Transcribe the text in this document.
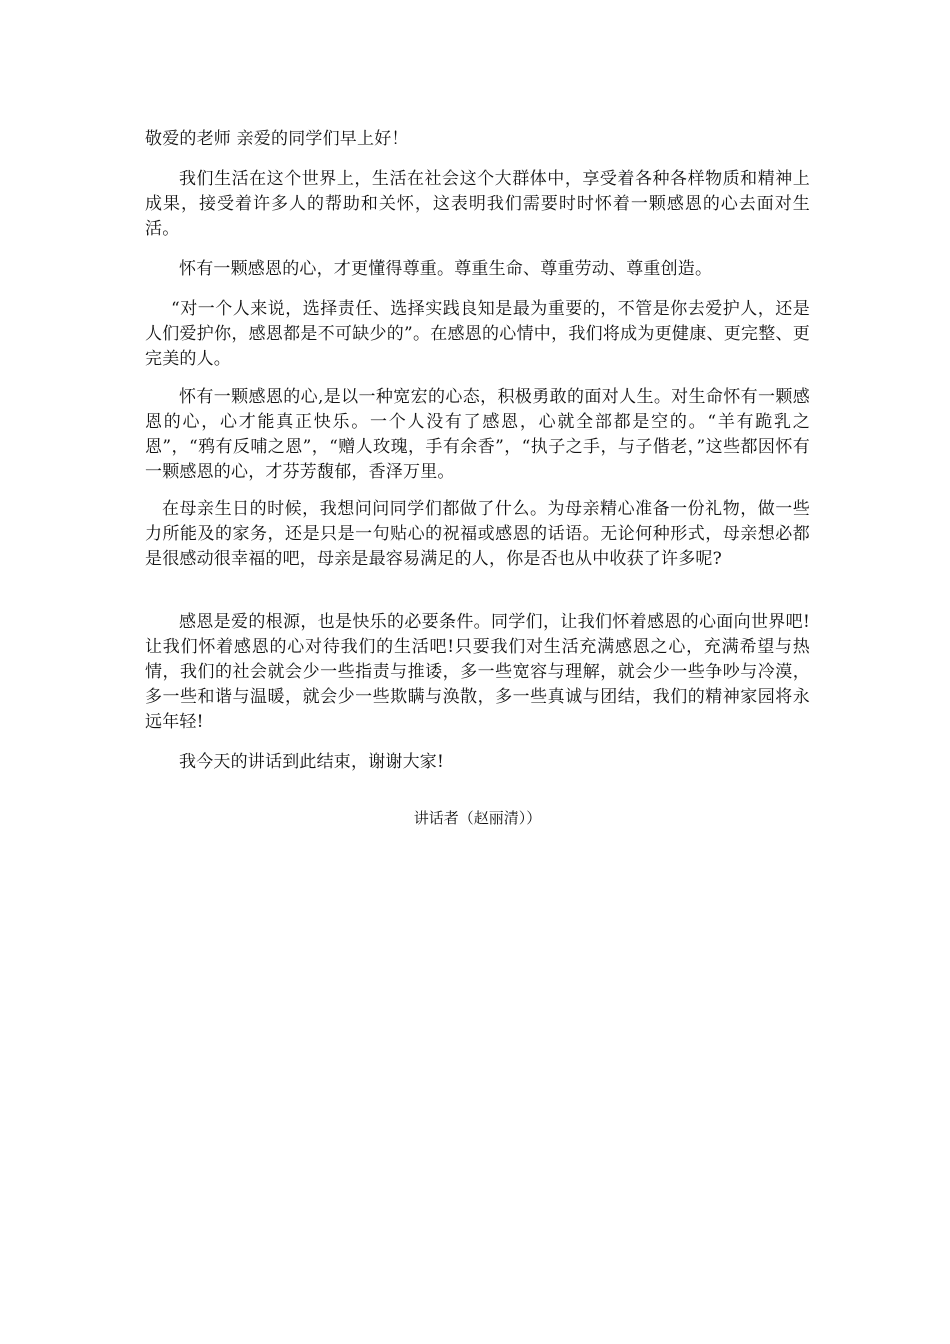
敬爱的老师 亲爱的同学们早上好！

我们生活在这个世界上，生活在社会这个大群体中，享受着各种各样物质和精神上成果，接受着许多人的帮助和关怀，这表明我们需要时时怀着一颗感恩的心去面对生活。

怀有一颗感恩的心，才更懂得尊重。尊重生命、尊重劳动、尊重创造。

“对一个人来说，选择责任、选择实践良知是最为重要的，不管是你去爱护人，还是人们爱护你，感恩都是不可缺少的”。在感恩的心情中，我们将成为更健康、更完整、更完美的人。

怀有一颗感恩的心,是以一种宽宏的心态，积极勇敢的面对人生。对生命怀有一颗感恩的心，心才能真正快乐。一个人没有了感恩，心就全部都是空的。“羊有跪乳之恩”，“鸦有反哺之恩”，“赠人玫瑰，手有余香”，“执子之手，与子偕老，”这些都因怀有一颗感恩的心，才芬芳馥郁，香泽万里。

在母亲生日的时候，我想问问同学们都做了什么。为母亲精心准备一份礼物，做一些力所能及的家务，还是只是一句贴心的祝福或感恩的话语。无论何种形式，母亲想必都是很感动很幸福的吧，母亲是最容易满足的人，你是否也从中收获了许多呢?

感恩是爱的根源，也是快乐的必要条件。同学们，让我们怀着感恩的心面向世界吧!让我们怀着感恩的心对待我们的生活吧!只要我们对生活充满感恩之心，充满希望与热情，我们的社会就会少一些指责与推诿，多一些宽容与理解，就会少一些争吵与冷漠，多一些和谐与温暖，就会少一些欺瞒与涣散，多一些真诚与团结，我们的精神家园将永远年轻!

我今天的讲话到此结束，谢谢大家!

讲话者（赵丽清））
